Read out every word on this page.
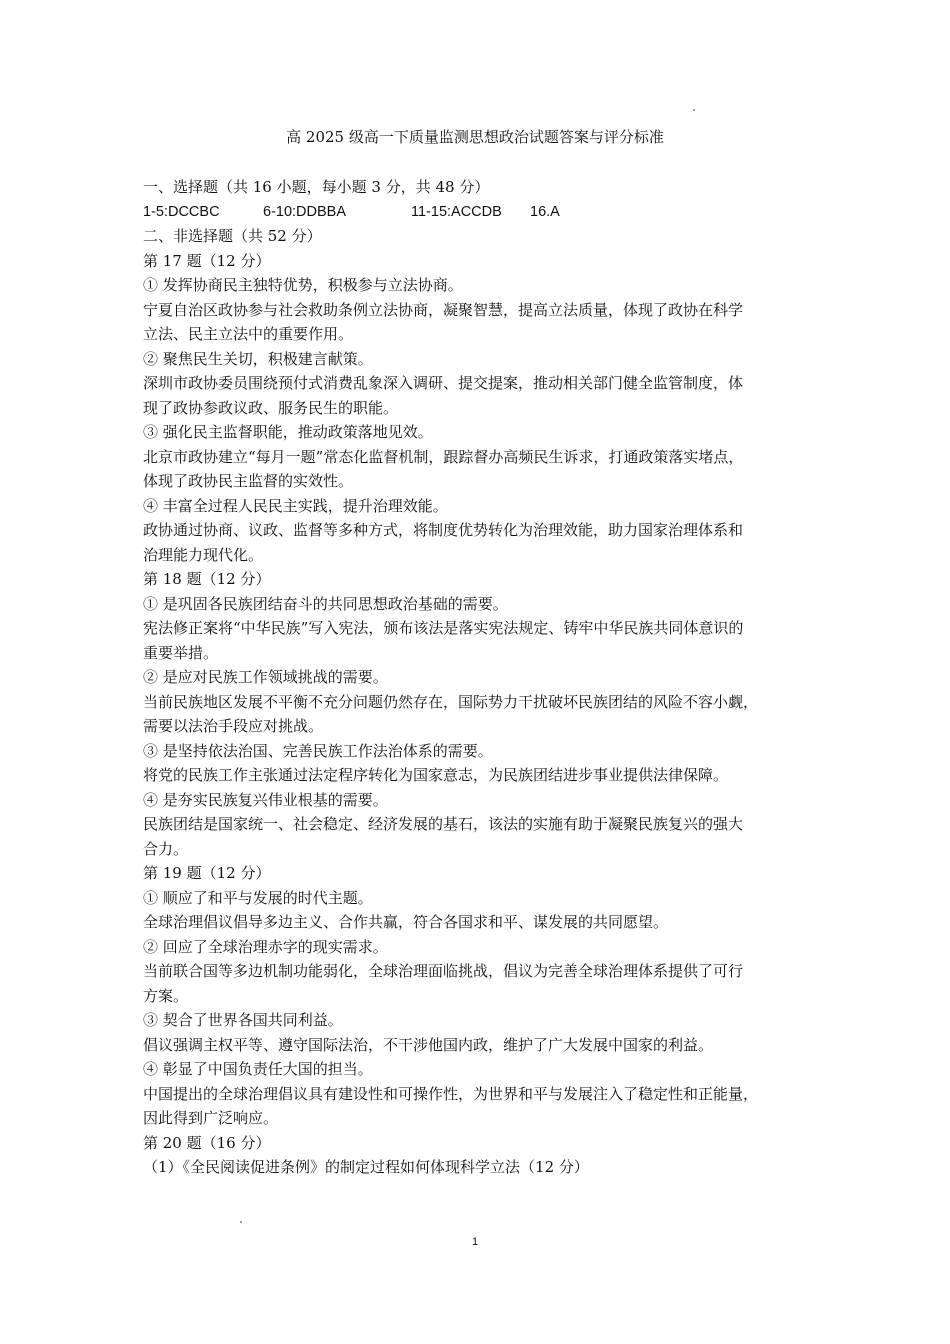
高 2025 级高一下质量监测思想政治试题答案与评分标准
一、选择题（共 16 小题，每小题 3 分，共 48 分）
1-5:DCCBC	6-10:DDBBA	11-15:ACCDB	16.A
二、非选择题（共 52 分）
第 17 题（12 分）
① 发挥协商民主独特优势，积极参与立法协商。
宁夏自治区政协参与社会救助条例立法协商，凝聚智慧，提高立法质量，体现了政协在科学
立法、民主立法中的重要作用。
② 聚焦民生关切，积极建言献策。
深圳市政协委员围绕预付式消费乱象深入调研、提交提案，推动相关部门健全监管制度，体
现了政协参政议政、服务民生的职能。
③ 强化民主监督职能，推动政策落地见效。
北京市政协建立“每月一题”常态化监督机制，跟踪督办高频民生诉求，打通政策落实堵点，
体现了政协民主监督的实效性。
④ 丰富全过程人民民主实践，提升治理效能。
政协通过协商、议政、监督等多种方式，将制度优势转化为治理效能，助力国家治理体系和
治理能力现代化。
第 18 题（12 分）
① 是巩固各民族团结奋斗的共同思想政治基础的需要。
宪法修正案将“中华民族”写入宪法，颁布该法是落实宪法规定、铸牢中华民族共同体意识的
重要举措。
② 是应对民族工作领域挑战的需要。
当前民族地区发展不平衡不充分问题仍然存在，国际势力干扰破坏民族团结的风险不容小觑，
需要以法治手段应对挑战。
③ 是坚持依法治国、完善民族工作法治体系的需要。
将党的民族工作主张通过法定程序转化为国家意志，为民族团结进步事业提供法律保障。
④ 是夯实民族复兴伟业根基的需要。
民族团结是国家统一、社会稳定、经济发展的基石，该法的实施有助于凝聚民族复兴的强大
合力。
第 19 题（12 分）
① 顺应了和平与发展的时代主题。
全球治理倡议倡导多边主义、合作共赢，符合各国求和平、谋发展的共同愿望。
② 回应了全球治理赤字的现实需求。
当前联合国等多边机制功能弱化，全球治理面临挑战，倡议为完善全球治理体系提供了可行
方案。
③ 契合了世界各国共同利益。
倡议强调主权平等、遵守国际法治，不干涉他国内政，维护了广大发展中国家的利益。
④ 彰显了中国负责任大国的担当。
中国提出的全球治理倡议具有建设性和可操作性，为世界和平与发展注入了稳定性和正能量，
因此得到广泛响应。
第 20 题（16 分）
（1）《全民阅读促进条例》的制定过程如何体现科学立法（12 分）
1
